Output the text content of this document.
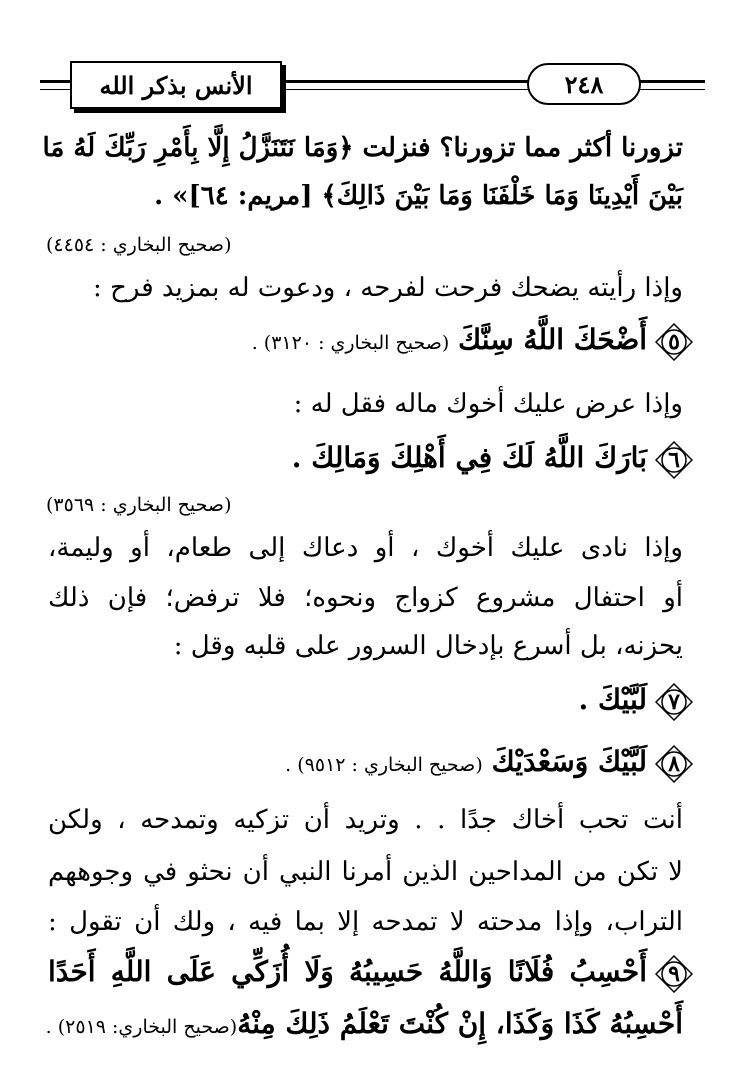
الأنس بذكر الله	٢٤٨
تزورنا أكثر مما تزورنا؟ فنزلت ﴿وَمَا نَتَنَزَّلُ إِلَّا بِأَمْرِ رَبِّكَ لَهُ مَا
بَيْنَ أَيْدِينَا وَمَا خَلْفَنَا وَمَا بَيْنَ ذَالِكَ﴾ [مريم: ٦٤]» .
(صحيح البخاري : ٤٤٥٤)
وإذا رأيته يضحك فرحت لفرحه ، ودعوت له بمزيد فرح :
٥
أَضْحَكَ اللَّهُ سِنَّكَ (صحيح البخاري : ٣١٢٠) .
وإذا عرض عليك أخوك ماله فقل له :
٦
بَارَكَ اللَّهُ لَكَ فِي أَهْلِكَ وَمَالِكَ .
(صحيح البخاري : ٣٥٦٩)
وإذا نادى عليك أخوك ، أو دعاك إلى طعام، أو وليمة،
أو احتفال مشروع كزواج ونحوه؛ فلا ترفض؛ فإن ذلك
يحزنه، بل أسرع بإدخال السرور على قلبه وقل :
٧
لَبَّيْكَ .
٨
لَبَّيْكَ وَسَعْدَيْكَ (صحيح البخاري : ٩٥١٢) .
أنت تحب أخاك جدًا . . وتريد أن تزكيه وتمدحه ، ولكن
لا تكن من المداحين الذين أمرنا النبي أن نحثو في وجوههم
التراب، وإذا مدحته لا تمدحه إلا بما فيه ، ولك أن تقول :
٩
أَحْسِبُ فُلَانًا وَاللَّهُ حَسِيبُهُ وَلَا أُزَكِّي عَلَى اللَّهِ أَحَدًا
أَحْسِبُهُ كَذَا وَكَذَا، إِنْ كُنْتَ تَعْلَمُ ذَلِكَ مِنْهُ(صحيح البخاري: ٢٥١٩) .
